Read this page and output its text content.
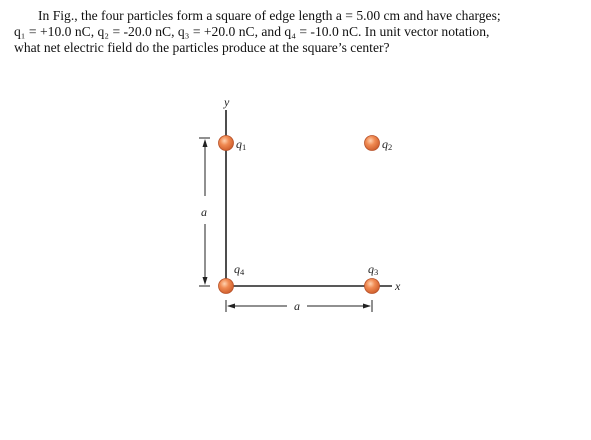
In Fig., the four particles form a square of edge length a = 5.00 cm and have charges;

q₁ = +10.0 nC, q₂ = -20.0 nC, q₃ = +20.0 nC, and q₄ = -10.0 nC. In unit vector notation,

what net electric field do the particles produce at the square’s center?

y
x
a
a
q1	q2
q3
q4
